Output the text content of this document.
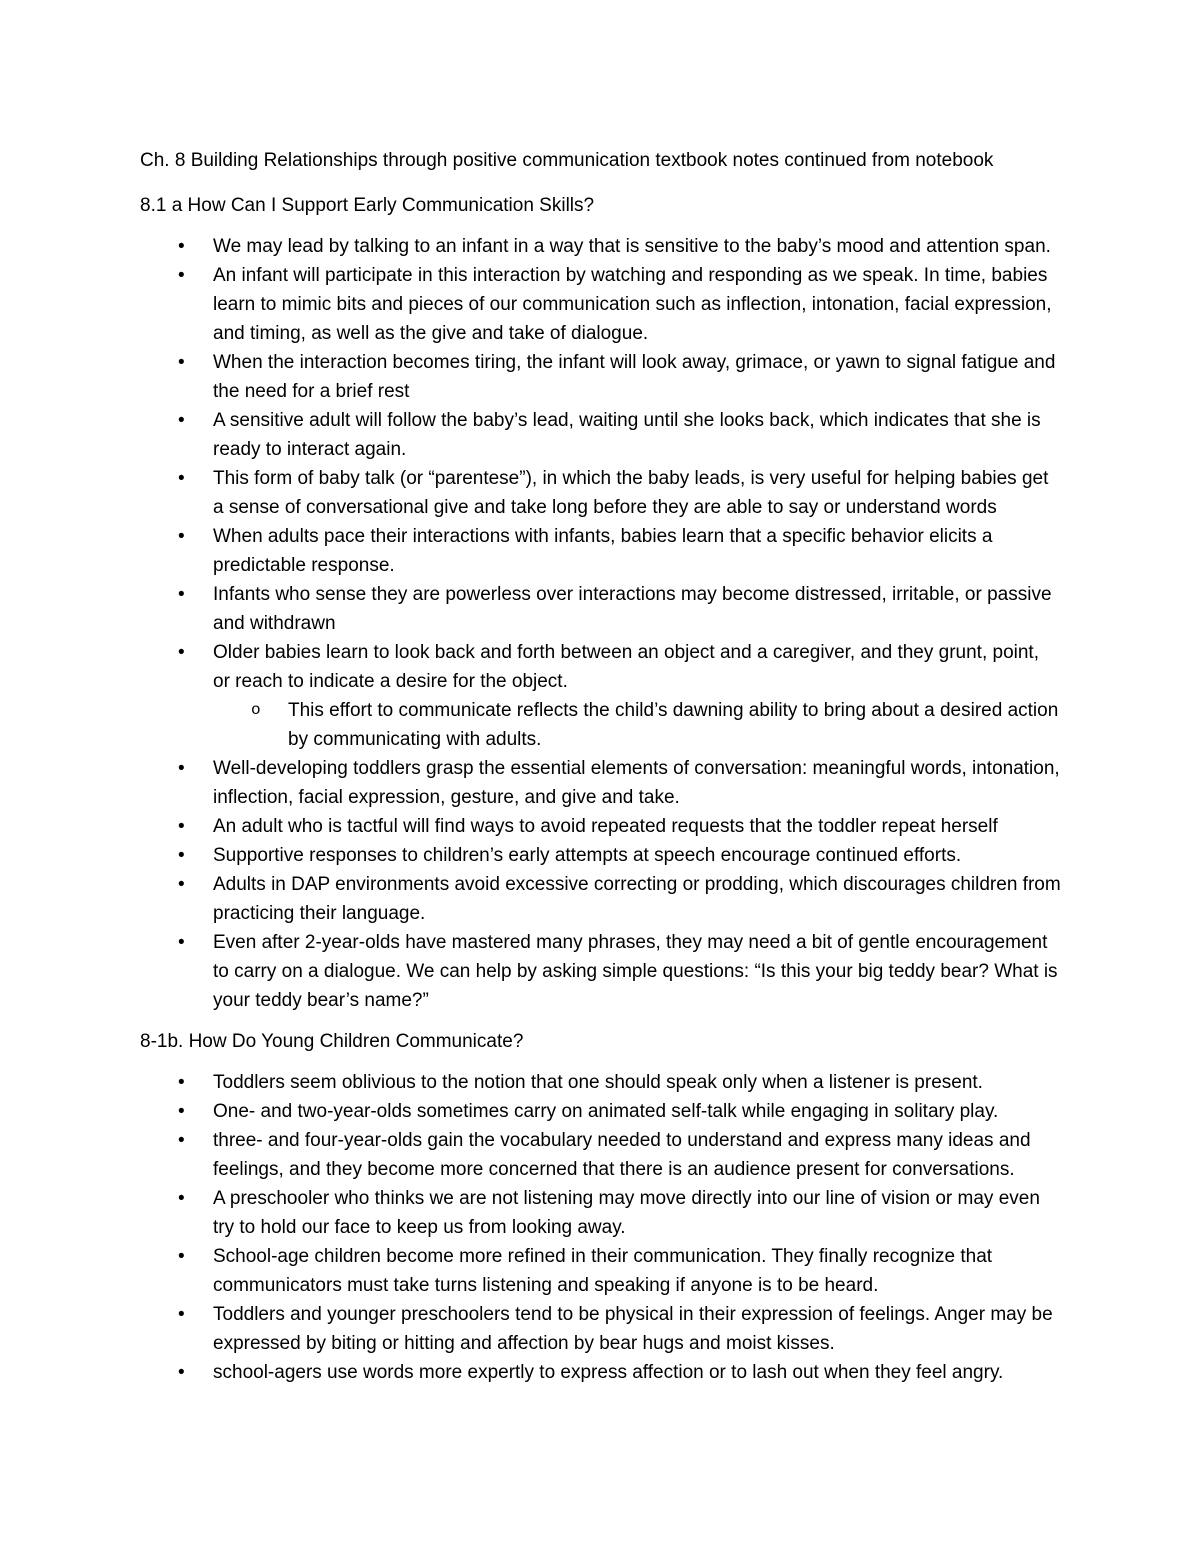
Ch. 8 Building Relationships through positive communication textbook notes continued from notebook

8.1 a How Can I Support Early Communication Skills?

• We may lead by talking to an infant in a way that is sensitive to the baby’s mood and attention span.
• An infant will participate in this interaction by watching and responding as we speak. In time, babies learn to mimic bits and pieces of our communication such as inflection, intonation, facial expression, and timing, as well as the give and take of dialogue.
• When the interaction becomes tiring, the infant will look away, grimace, or yawn to signal fatigue and the need for a brief rest
• A sensitive adult will follow the baby’s lead, waiting until she looks back, which indicates that she is ready to interact again.
• This form of baby talk (or “parentese”), in which the baby leads, is very useful for helping babies get a sense of conversational give and take long before they are able to say or understand words
• When adults pace their interactions with infants, babies learn that a specific behavior elicits a predictable response.
• Infants who sense they are powerless over interactions may become distressed, irritable, or passive and withdrawn
• Older babies learn to look back and forth between an object and a caregiver, and they grunt, point, or reach to indicate a desire for the object.
o This effort to communicate reflects the child’s dawning ability to bring about a desired action by communicating with adults.
• Well-developing toddlers grasp the essential elements of conversation: meaningful words, intonation, inflection, facial expression, gesture, and give and take.
• An adult who is tactful will find ways to avoid repeated requests that the toddler repeat herself
• Supportive responses to children’s early attempts at speech encourage continued efforts.
• Adults in DAP environments avoid excessive correcting or prodding, which discourages children from practicing their language.
• Even after 2-year-olds have mastered many phrases, they may need a bit of gentle encouragement to carry on a dialogue. We can help by asking simple questions: “Is this your big teddy bear? What is your teddy bear’s name?”

8-1b. How Do Young Children Communicate?

• Toddlers seem oblivious to the notion that one should speak only when a listener is present.
• One- and two-year-olds sometimes carry on animated self-talk while engaging in solitary play.
• three- and four-year-olds gain the vocabulary needed to understand and express many ideas and feelings, and they become more concerned that there is an audience present for conversations.
• A preschooler who thinks we are not listening may move directly into our line of vision or may even try to hold our face to keep us from looking away.
• School-age children become more refined in their communication. They finally recognize that communicators must take turns listening and speaking if anyone is to be heard.
• Toddlers and younger preschoolers tend to be physical in their expression of feelings. Anger may be expressed by biting or hitting and affection by bear hugs and moist kisses.
• school-agers use words more expertly to express affection or to lash out when they feel angry.
